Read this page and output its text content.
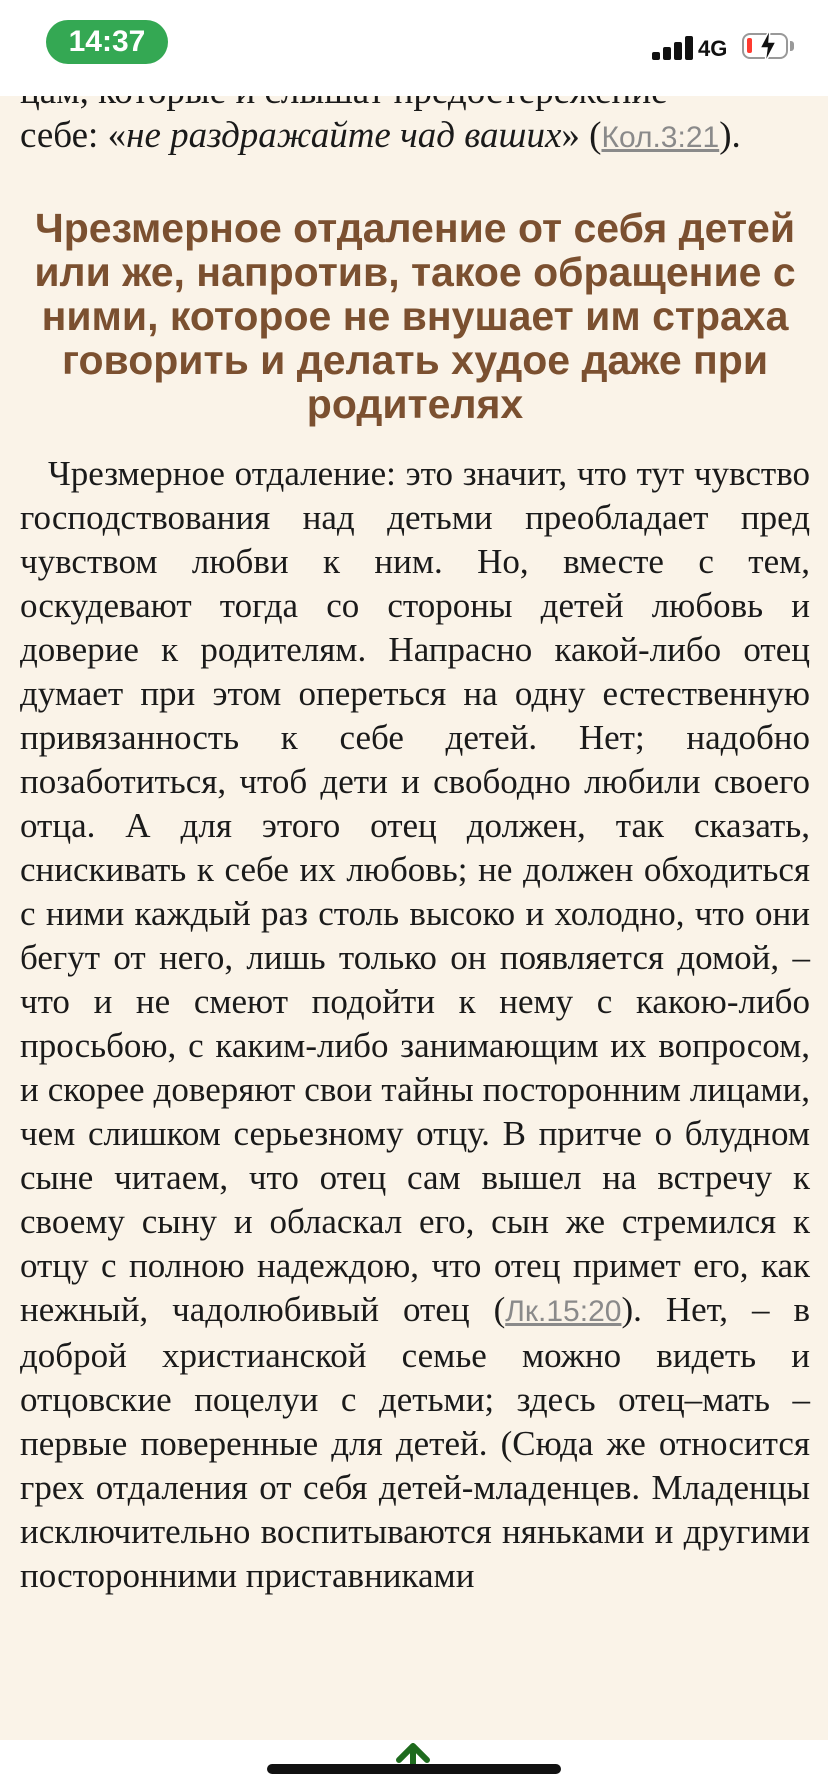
себе: «не раздражайте чад ваших» (Кол.3:21).

Чрезмерное отдаление от себя детей или же, напротив, такое обращение с ними, которое не внушает им страха говорить и делать худое даже при родителях

Чрезмерное отдаление: это значит, что тут чувство господствования над детьми преобладает пред чувством любви к ним. Но, вместе с тем, оскудевают тогда со стороны детей любовь и доверие к родителям. Напрасно какой-либо отец думает при этом опереться на одну естественную привязанность к себе детей. Нет; надобно позаботиться, чтоб дети и свободно любили своего отца. А для этого отец должен, так сказать, снискивать к себе их любовь; не должен обходиться с ними каждый раз столь высоко и холодно, что они бегут от него, лишь только он появляется домой, – что и не смеют подойти к нему с какою-либо просьбою, с каким-либо занимающим их вопросом, и скорее доверяют свои тайны посторонним лицами, чем слишком серьезному отцу. В притче о блудном сыне читаем, что отец сам вышел на встречу к своему сыну и обласкал его, сын же стремился к отцу с полною надеждою, что отец примет его, как нежный, чадолюбивый отец (Лк.15:20). Нет, – в доброй христианской семье можно видеть и отцовские поцелуи с детьми; здесь отец–мать – первые поверенные для детей. (Сюда же относится грех отдаления от себя детей-младенцев. Младенцы исключительно воспитываются няньками и другими посторонними приставниками

14:37	4G
